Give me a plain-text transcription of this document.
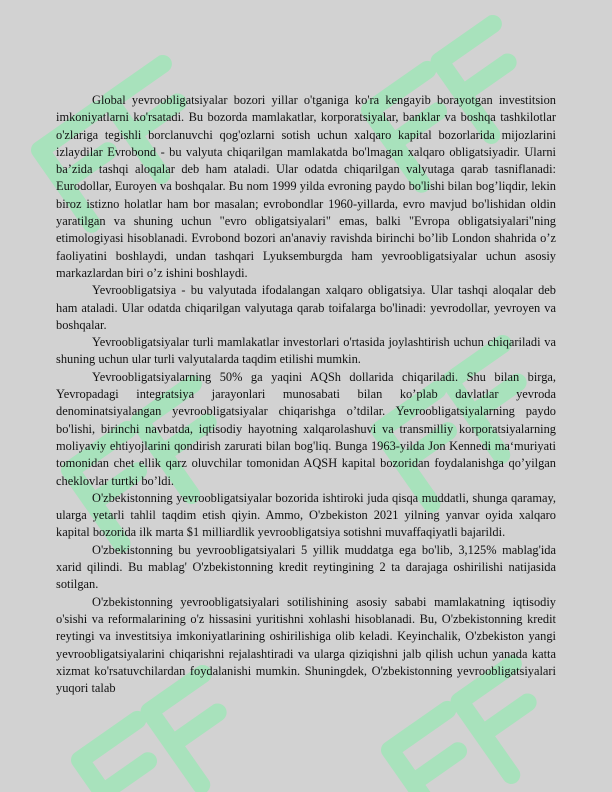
Global yevroobligatsiyalar bozori yillar o'tganiga ko'ra kengayib borayotgan investitsion imkoniyatlarni ko'rsatadi. Bu bozorda mamlakatlar, korporatsiyalar, banklar va boshqa tashkilotlar o'zlariga tegishli borclanuvchi qog'ozlarni sotish uchun xalqaro kapital bozorlarida mijozlarini izlaydilar Evrobond - bu valyuta chiqarilgan mamlakatda bo'lmagan xalqaro obligatsiyadir. Ularni ba’zida tashqi aloqalar deb ham ataladi. Ular odatda chiqarilgan valyutaga qarab tasniflanadi: Eurodollar, Euroyen va boshqalar. Bu nom 1999 yilda evroning paydo bo'lishi bilan bog’liqdir, lekin biroz istizno holatlar ham bor masalan; evrobondlar 1960-yillarda, evro mavjud bo'lishidan oldin yaratilgan va shuning uchun "evro obligatsiyalari" emas, balki "Evropa obligatsiyalari"ning etimologiyasi hisoblanadi. Evrobond bozori an'anaviy ravishda birinchi bo’lib London shahrida o’z faoliyatini boshlaydi, undan tashqari Lyuksemburgda ham yevroobligatsiyalar uchun asosiy markazlardan biri o’z ishini boshlaydi.

Yevroobligatsiya - bu valyutada ifodalangan xalqaro obligatsiya. Ular tashqi aloqalar deb ham ataladi. Ular odatda chiqarilgan valyutaga qarab toifalarga bo'linadi: yevrodollar, yevroyen va boshqalar.

Yevroobligatsiyalar turli mamlakatlar investorlari o'rtasida joylashtirish uchun chiqariladi va shuning uchun ular turli valyutalarda taqdim etilishi mumkin.

Yevroobligatsiyalarning 50% ga yaqini AQSh dollarida chiqariladi. Shu bilan birga, Yevropadagi integratsiya jarayonlari munosabati bilan ko’plab davlatlar yevroda denominatsiyalangan yevroobligatsiyalar chiqarishga o’tdilar. Yevroobligatsiyalarning paydo bo'lishi, birinchi navbatda, iqtisodiy hayotning xalqarolashuvi va transmilliy korporatsiyalarning moliyaviy ehtiyojlarini qondirish zarurati bilan bog'liq. Bunga 1963-yilda Jon Kennedi ma‘muriyati tomonidan chet ellik qarz oluvchilar tomonidan AQSH kapital bozoridan foydalanishga qo’yilgan cheklovlar turtki bo’ldi.

O'zbekistonning yevroobligatsiyalar bozorida ishtiroki juda qisqa muddatli, shunga qaramay, ularga yetarli tahlil taqdim etish qiyin. Ammo, O'zbekiston 2021 yilning yanvar oyida xalqaro kapital bozorida ilk marta $1 milliardlik yevroobligatsiya sotishni muvaffaqiyatli bajarildi.

O'zbekistonning bu yevroobligatsiyalari 5 yillik muddatga ega bo'lib, 3,125% mablag'ida xarid qilindi. Bu mablag' O'zbekistonning kredit reytingining 2 ta darajaga oshirilishi natijasida sotilgan.

O'zbekistonning yevroobligatsiyalari sotilishining asosiy sababi mamlakatning iqtisodiy o'sishi va reformalarining o'z hissasini yuritishni xohlashi hisoblanadi. Bu, O'zbekistonning kredit reytingi va investitsiya imkoniyatlarining oshirilishiga olib keladi. Keyinchalik, O'zbekiston yangi yevroobligatsiyalarini chiqarishni rejalashtiradi va ularga qiziqishni jalb qilish uchun yanada katta xizmat ko'rsatuvchilardan foydalanishi mumkin. Shuningdek, O'zbekistonning yevroobligatsiyalari yuqori talab
